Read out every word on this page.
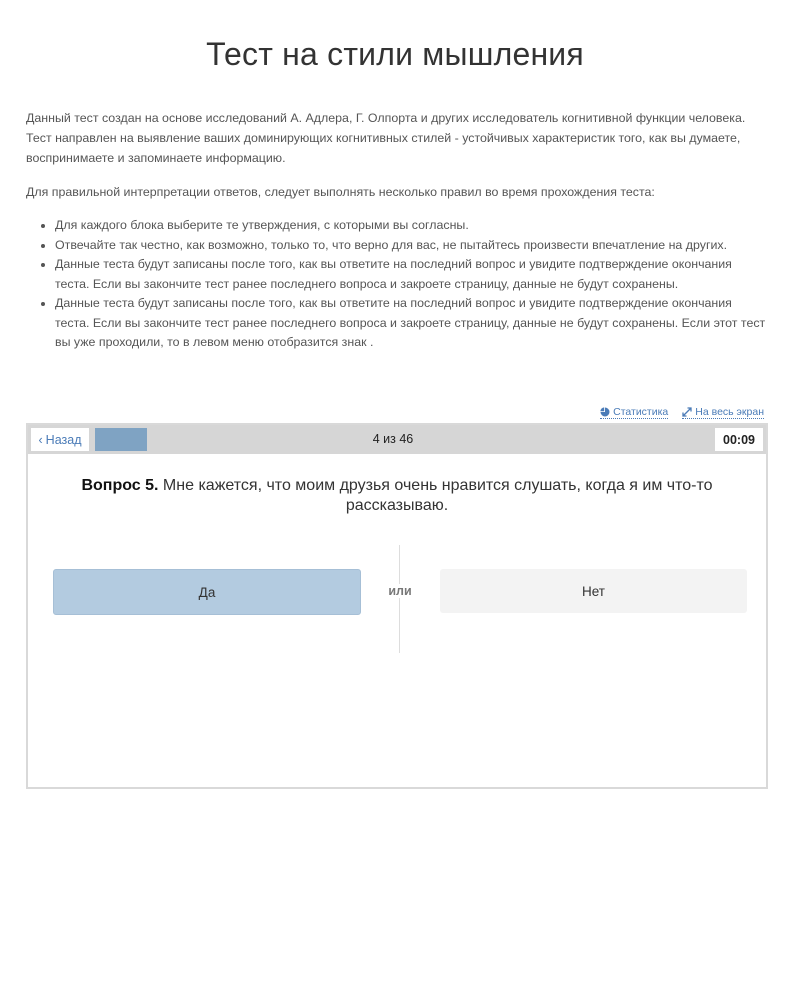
Тест на стили мышления

Данный тест создан на основе исследований А. Адлера, Г. Олпорта и других исследователь когнитивной функции человека. Тест направлен на выявление ваших доминирующих когнитивных стилей - устойчивых характеристик того, как вы думаете, воспринимаете и запоминаете информацию.

Для правильной интерпретации ответов, следует выполнять несколько правил во время прохождения теста:

• Для каждого блока выберите те утверждения, с которыми вы согласны.
• Отвечайте так честно, как возможно, только то, что верно для вас, не пытайтесь произвести впечатление на других.
• Данные теста будут записаны после того, как вы ответите на последний вопрос и увидите подтверждение окончания теста. Если вы закончите тест ранее последнего вопроса и закроете страницу, данные не будут сохранены.
• Данные теста будут записаны после того, как вы ответите на последний вопрос и увидите подтверждение окончания теста. Если вы закончите тест ранее последнего вопроса и закроете страницу, данные не будут сохранены. Если этот тест вы уже проходили, то в левом меню отобразится знак .
Статистика	На весь экран
4 из 46
‹ Назад	00:09
Вопрос 5. Мне кажется, что моим друзья очень нравится слушать, когда я им что-то рассказываю.
Да	или	Нет
